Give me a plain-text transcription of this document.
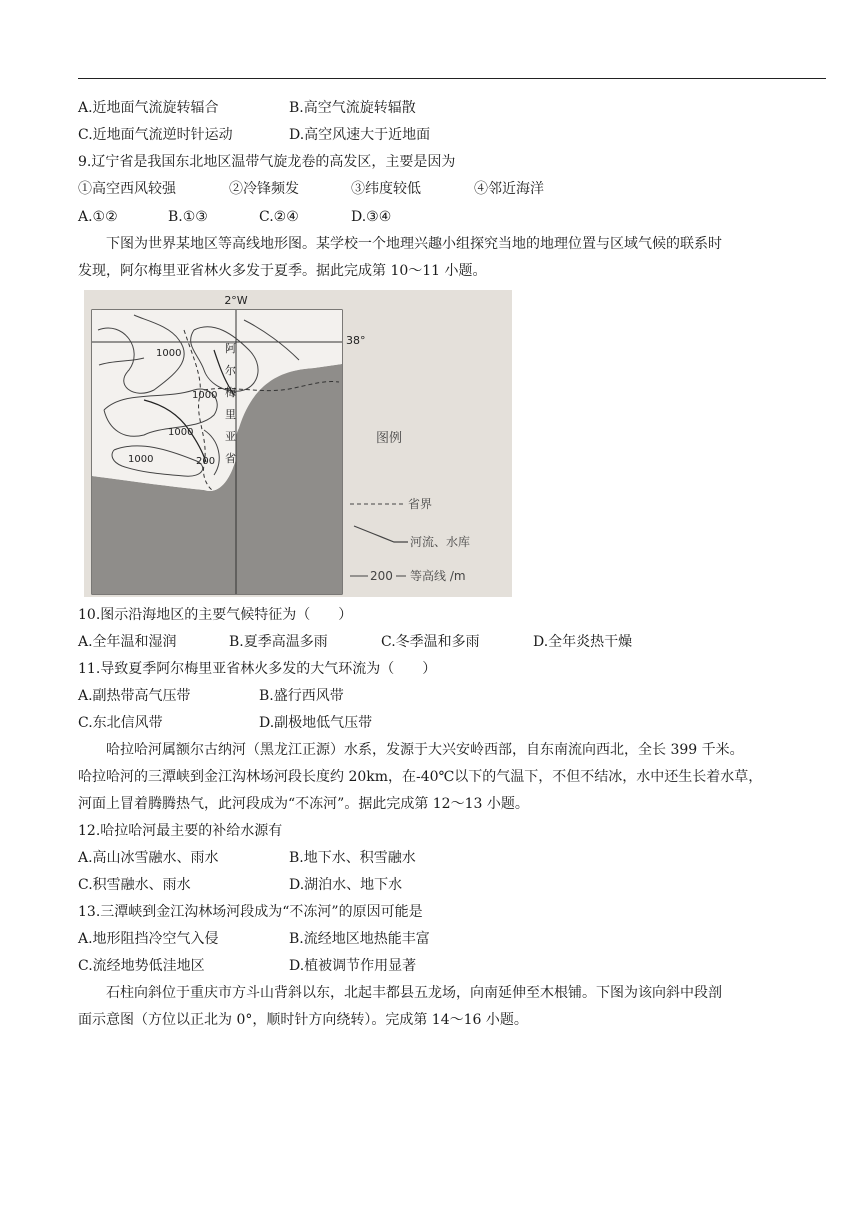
A.近地面气流旋转辐合	B.高空气流旋转辐散
C.近地面气流逆时针运动	D.高空风速大于近地面
9.辽宁省是我国东北地区温带气旋龙卷的高发区，主要是因为
①高空西风较强	②冷锋频发	③纬度较低	④邻近海洋
A.①②	B.①③	C.②④	D.③④
下图为世界某地区等高线地形图。某学校一个地理兴趣小组探究当地的地理位置与区域气候的联系时
发现，阿尔梅里亚省林火多发于夏季。据此完成第 10～11 小题。
2°W
38°
1000
1000
1000
1000	200
阿尔梅里亚省
图例
省界
河流、水库
200 等高线 /m
10.图示沿海地区的主要气候特征为（　　）
A.全年温和湿润	B.夏季高温多雨	C.冬季温和多雨	D.全年炎热干燥
11.导致夏季阿尔梅里亚省林火多发的大气环流为（　　）
A.副热带高气压带	B.盛行西风带
C.东北信风带	D.副极地低气压带
哈拉哈河属额尔古纳河（黑龙江正源）水系，发源于大兴安岭西部，自东南流向西北，全长 399 千米。
哈拉哈河的三潭峡到金江沟林场河段长度约 20km，在-40℃以下的气温下，不但不结冰，水中还生长着水草，
河面上冒着腾腾热气，此河段成为“不冻河”。据此完成第 12～13 小题。
12.哈拉哈河最主要的补给水源有
A.高山冰雪融水、雨水	B.地下水、积雪融水
C.积雪融水、雨水	D.湖泊水、地下水
13.三潭峡到金江沟林场河段成为“不冻河”的原因可能是
A.地形阻挡冷空气入侵	B.流经地区地热能丰富
C.流经地势低洼地区	D.植被调节作用显著
石柱向斜位于重庆市方斗山背斜以东，北起丰都县五龙场，向南延伸至木根铺。下图为该向斜中段剖
面示意图（方位以正北为 0°，顺时针方向绕转）。完成第 14～16 小题。
